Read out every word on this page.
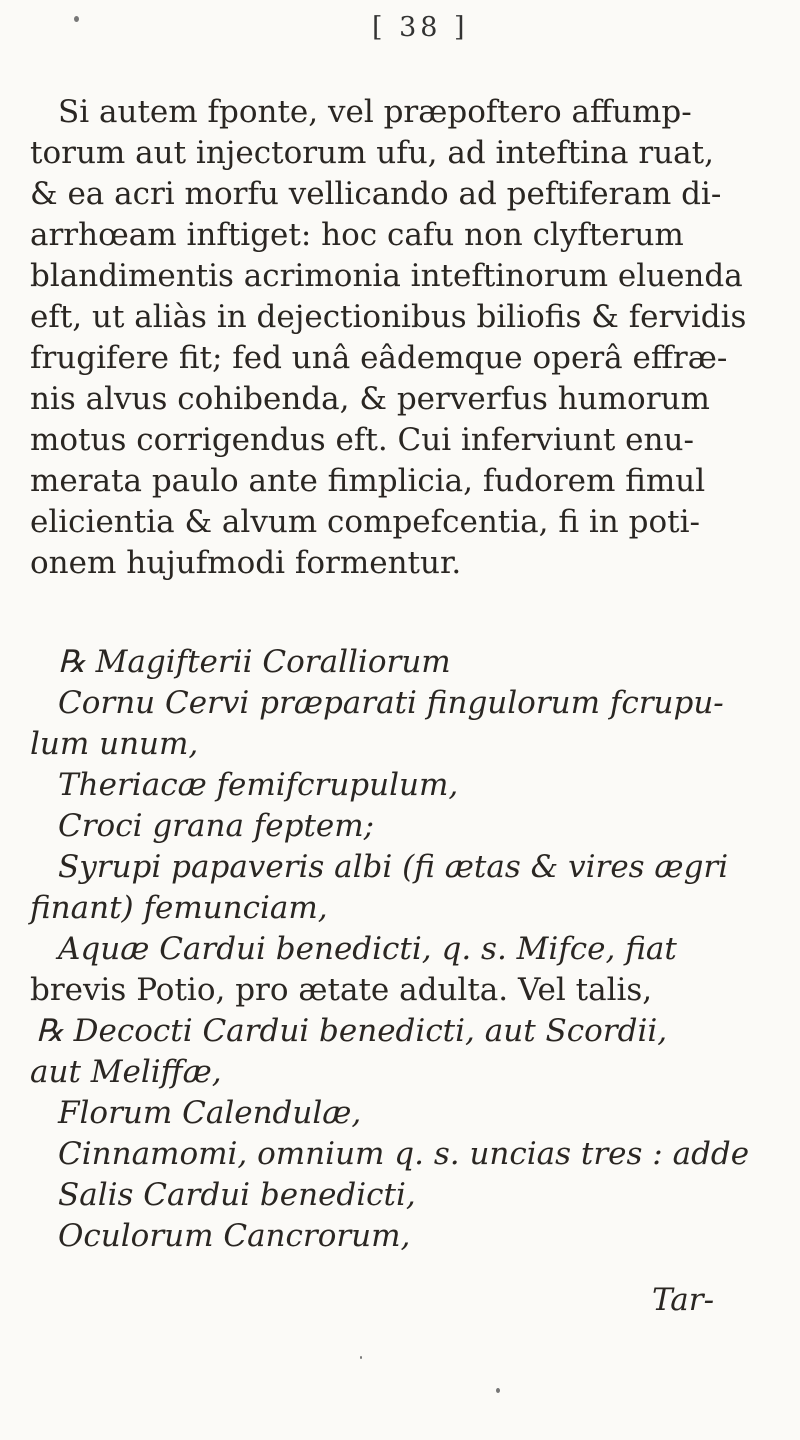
[ 38 ]
Si autem fponte, vel præpoftero affump-
torum aut injectorum ufu, ad inteftina ruat,
& ea acri morfu vellicando ad peftiferam di-
arrhœam inftiget: hoc cafu non clyfterum
blandimentis acrimonia inteftinorum eluenda
eft, ut aliàs in dejectionibus biliofis & fervidis
frugifere fit; fed unâ eâdemque operâ effræ-
nis alvus cohibenda, & perverfus humorum
motus corrigendus eft. Cui inferviunt enu-
merata paulo ante fimplicia, fudorem fimul
elicientia & alvum compefcentia, fi in poti-
onem hujufmodi formentur.
℞ Magifterii Coralliorum
Cornu Cervi præparati fingulorum fcrupu-
lum unum,
Theriacæ femifcrupulum,
Croci grana feptem;
Syrupi papaveris albi (fi ætas & vires ægri
finant) femunciam,
Aquæ Cardui benedicti, q. s. Mifce, fiat
brevis Potio, pro ætate adulta. Vel talis,
℞ Decocti Cardui benedicti, aut Scordii,
aut Meliffæ,
Florum Calendulæ,
Cinnamomi, omnium q. s. uncias tres : adde
Salis Cardui benedicti,
Oculorum Cancrorum,
Tar-
